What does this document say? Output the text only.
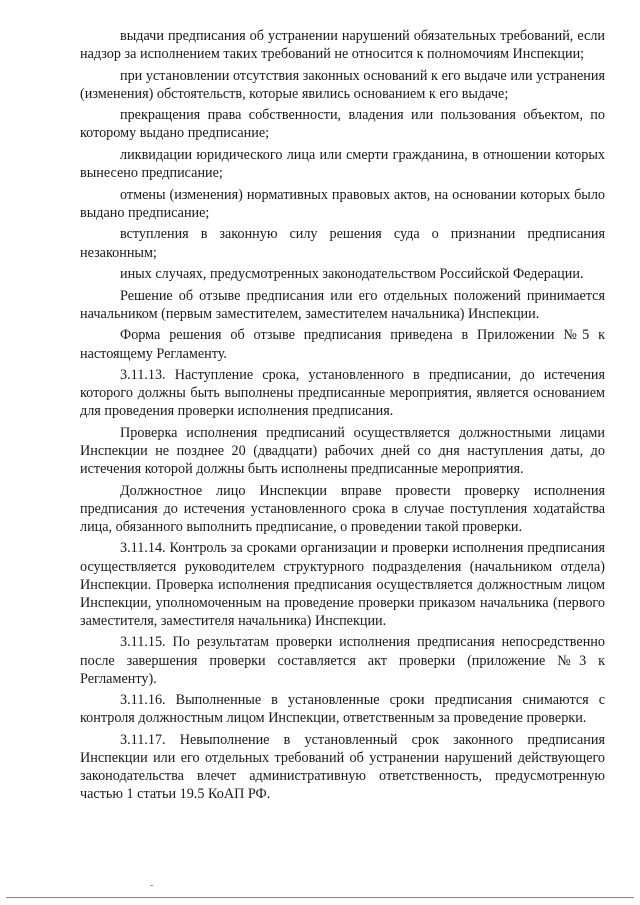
выдачи предписания об устранении нарушений обязательных требований, если надзор за исполнением таких требований не относится к полномочиям Инспекции;

при установлении отсутствия законных оснований к его выдаче или устранения (изменения) обстоятельств, которые явились основанием к его выдаче;

прекращения права собственности, владения или пользования объектом, по которому выдано предписание;

ликвидации юридического лица или смерти гражданина, в отношении которых вынесено предписание;

отмены (изменения) нормативных правовых актов, на основании которых было выдано предписание;

вступления в законную силу решения суда о признании предписания незаконным;

иных случаях, предусмотренных законодательством Российской Федерации.

Решение об отзыве предписания или его отдельных положений принимается начальником (первым заместителем, заместителем начальника) Инспекции.

Форма решения об отзыве предписания приведена в Приложении №5 к настоящему Регламенту.

3.11.13. Наступление срока, установленного в предписании, до истечения которого должны быть выполнены предписанные мероприятия, является основанием для проведения проверки исполнения предписания.

Проверка исполнения предписаний осуществляется должностными лицами Инспекции не позднее 20 (двадцати) рабочих дней со дня наступления даты, до истечения которой должны быть исполнены предписанные мероприятия.

Должностное лицо Инспекции вправе провести проверку исполнения предписания до истечения установленного срока в случае поступления ходатайства лица, обязанного выполнить предписание, о проведении такой проверки.

3.11.14. Контроль за сроками организации и проверки исполнения предписания осуществляется руководителем структурного подразделения (начальником отдела) Инспекции. Проверка исполнения предписания осуществляется должностным лицом Инспекции, уполномоченным на проведение проверки приказом начальника (первого заместителя, заместителя начальника) Инспекции.

3.11.15. По результатам проверки исполнения предписания непосредственно после завершения проверки составляется акт проверки (приложение №3 к Регламенту).

3.11.16. Выполненные в установленные сроки предписания снимаются с контроля должностным лицом Инспекции, ответственным за проведение проверки.

3.11.17. Невыполнение в установленный срок законного предписания Инспекции или его отдельных требований об устранении нарушений действующего законодательства влечет административную ответственность, предусмотренную частью 1 статьи 19.5 КоАП РФ.
